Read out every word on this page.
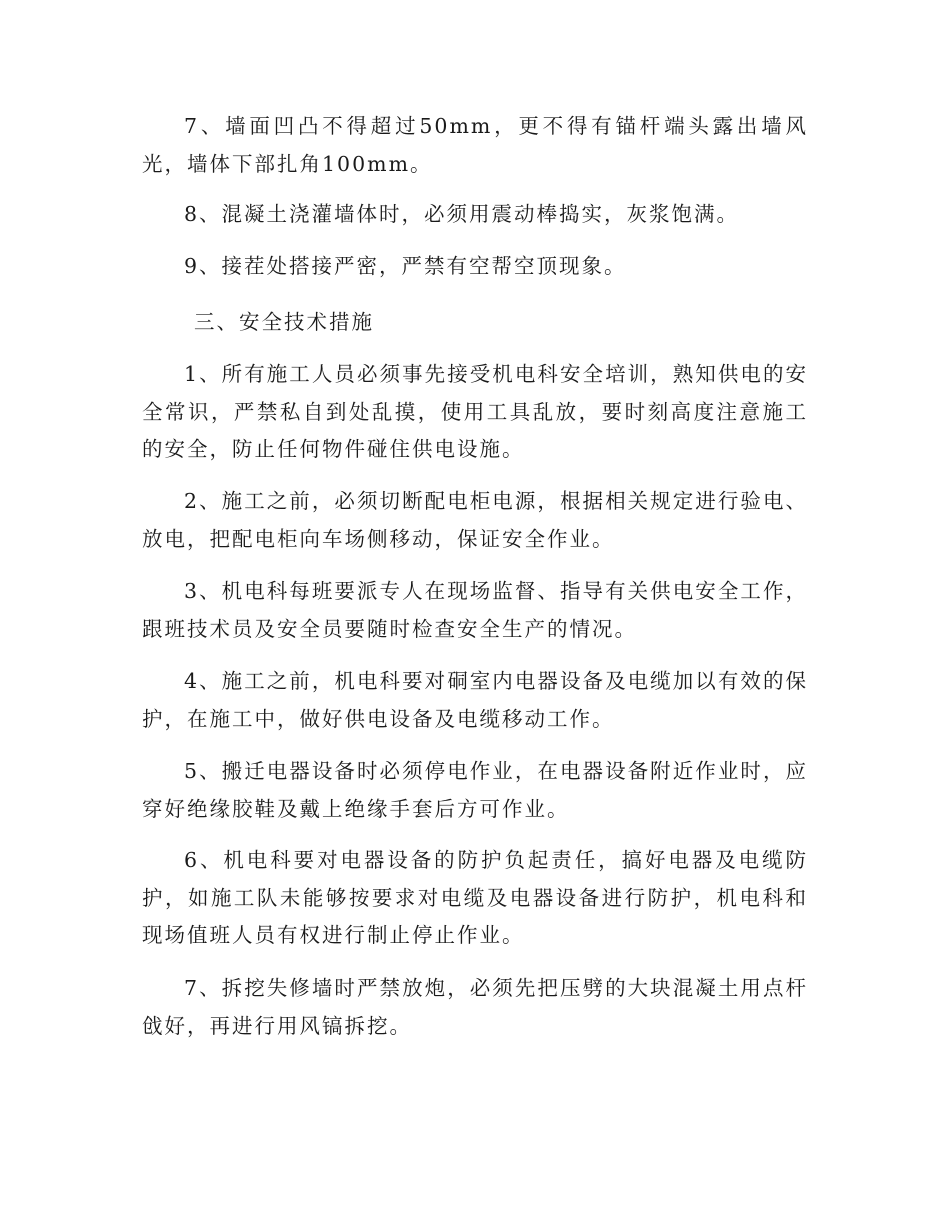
7、墙面凹凸不得超过50mm，更不得有锚杆端头露出墙风光，墙体下部扎角100mm。

8、混凝土浇灌墙体时，必须用震动棒捣实，灰浆饱满。

9、接茬处搭接严密，严禁有空帮空顶现象。

三、安全技术措施

1、所有施工人员必须事先接受机电科安全培训，熟知供电的安全常识，严禁私自到处乱摸，使用工具乱放，要时刻高度注意施工的安全，防止任何物件碰住供电设施。

2、施工之前，必须切断配电柜电源，根据相关规定进行验电、放电，把配电柜向车场侧移动，保证安全作业。

3、机电科每班要派专人在现场监督、指导有关供电安全工作，跟班技术员及安全员要随时检查安全生产的情况。

4、施工之前，机电科要对硐室内电器设备及电缆加以有效的保护，在施工中，做好供电设备及电缆移动工作。

5、搬迁电器设备时必须停电作业，在电器设备附近作业时，应穿好绝缘胶鞋及戴上绝缘手套后方可作业。

6、机电科要对电器设备的防护负起责任，搞好电器及电缆防护，如施工队未能够按要求对电缆及电器设备进行防护，机电科和现场值班人员有权进行制止停止作业。

7、拆挖失修墙时严禁放炮，必须先把压劈的大块混凝土用点杆戗好，再进行用风镐拆挖。
